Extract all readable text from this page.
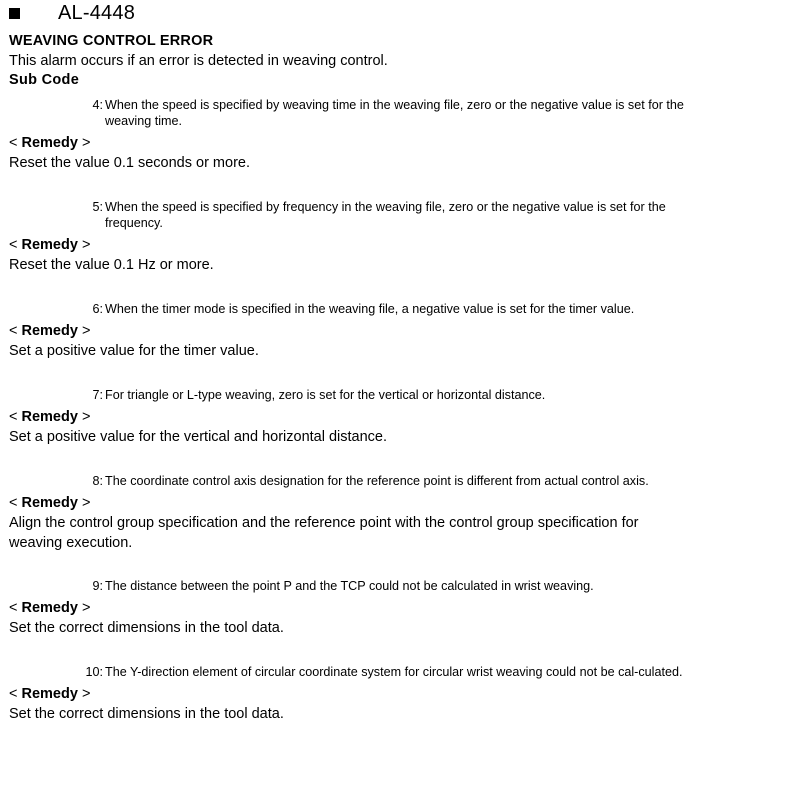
AL-4448
WEAVING CONTROL ERROR
This alarm occurs if an error is detected in weaving control.
Sub Code
4: When the speed is specified by weaving time in the weaving file, zero or the negative value is set for the weaving time.
< Remedy >
Reset the value 0.1 seconds or more.
5: When the speed is specified by frequency in the weaving file, zero or the negative value is set for the frequency.
< Remedy >
Reset the value 0.1 Hz or more.
6: When the timer mode is specified in the weaving file, a negative value is set for the timer value.
< Remedy >
Set a positive value for the timer value.
7: For triangle or L-type weaving, zero is set for the vertical or horizontal distance.
< Remedy >
Set a positive value for the vertical and horizontal distance.
8: The coordinate control axis designation for the reference point is different from actual control axis.
< Remedy >
Align the control group specification and the reference point with the control group specification for weaving execution.
9: The distance between the point P and the TCP could not be calculated in wrist weaving.
< Remedy >
Set the correct dimensions in the tool data.
10: The Y-direction element of circular coordinate system for circular wrist weaving could not be cal-culated.
< Remedy >
Set the correct dimensions in the tool data.
